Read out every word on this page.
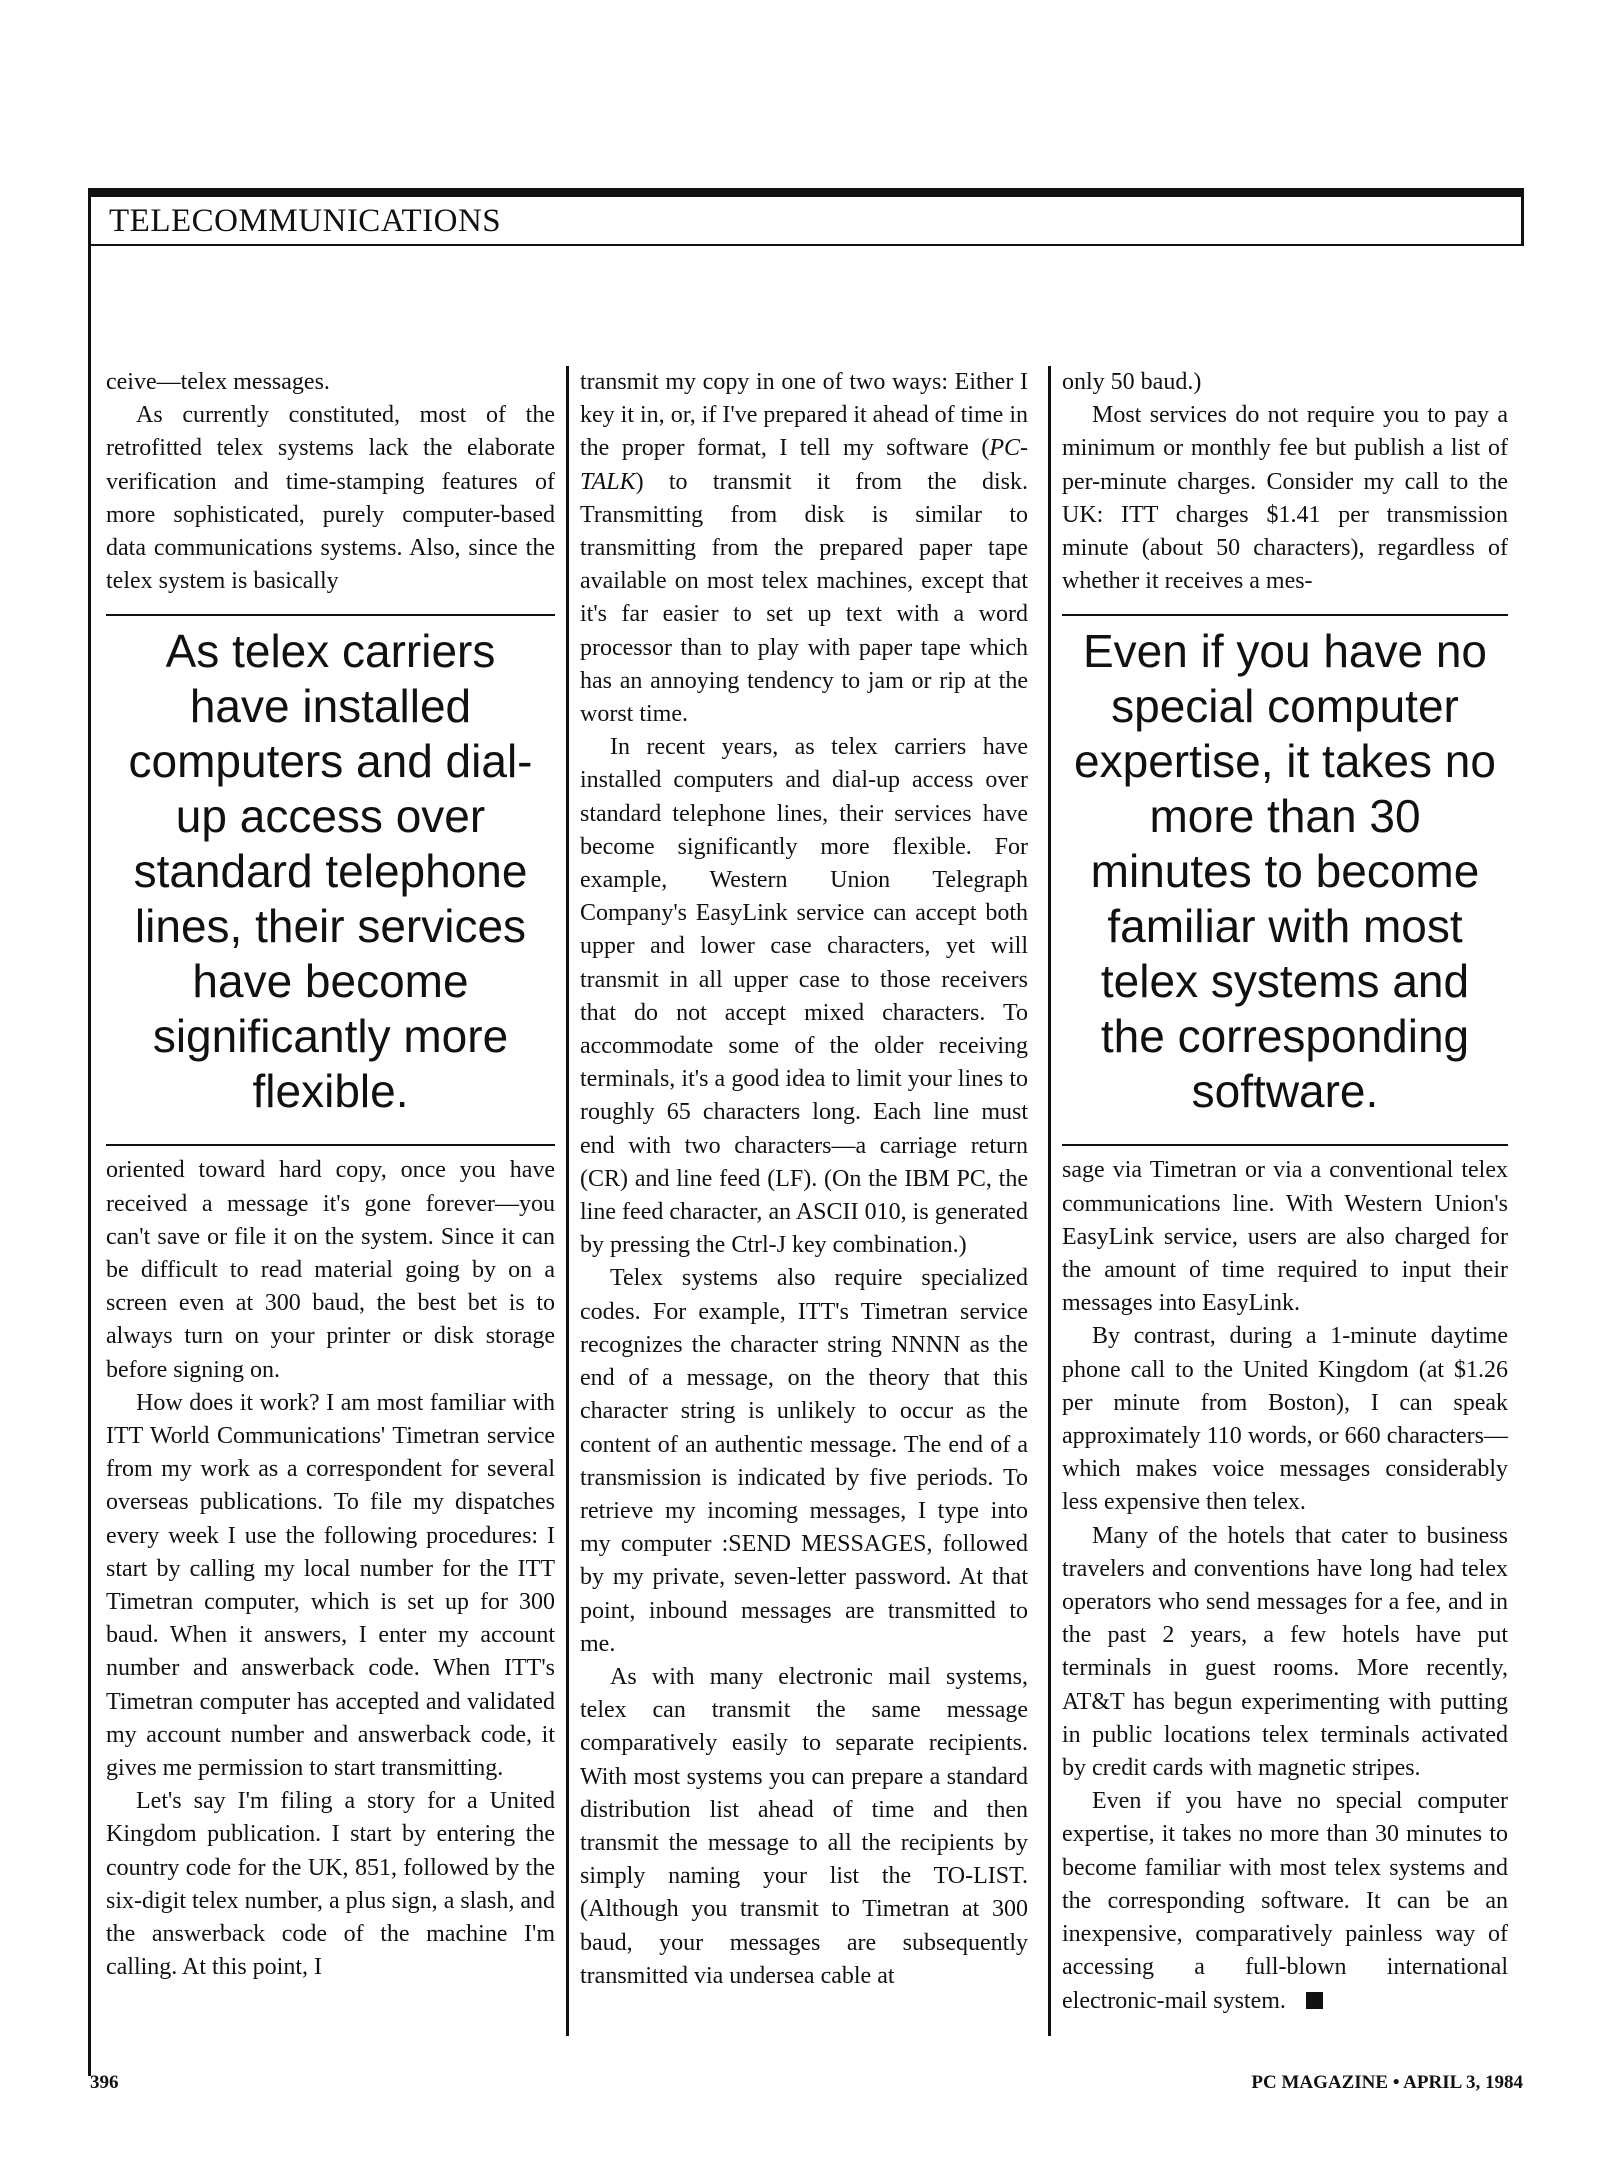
TELECOMMUNICATIONS

ceive—telex messages.

As currently constituted, most of the retrofitted telex systems lack the elaborate verification and time-stamping features of more sophisticated, purely computer-based data communications systems. Also, since the telex system is basically

As telex carriers have installed computers and dial-up access over standard telephone lines, their services have become significantly more flexible.

oriented toward hard copy, once you have received a message it's gone forever—you can't save or file it on the system. Since it can be difficult to read material going by on a screen even at 300 baud, the best bet is to always turn on your printer or disk storage before signing on.

How does it work? I am most familiar with ITT World Communications' Timetran service from my work as a correspondent for several overseas publications. To file my dispatches every week I use the following procedures: I start by calling my local number for the ITT Timetran computer, which is set up for 300 baud. When it answers, I enter my account number and answerback code. When ITT's Timetran computer has accepted and validated my account number and answerback code, it gives me permission to start transmitting.

Let's say I'm filing a story for a United Kingdom publication. I start by entering the country code for the UK, 851, followed by the six-digit telex number, a plus sign, a slash, and the answerback code of the machine I'm calling. At this point, I

transmit my copy in one of two ways: Either I key it in, or, if I've prepared it ahead of time in the proper format, I tell my software (PC-TALK) to transmit it from the disk. Transmitting from disk is similar to transmitting from the prepared paper tape available on most telex machines, except that it's far easier to set up text with a word processor than to play with paper tape which has an annoying tendency to jam or rip at the worst time.

In recent years, as telex carriers have installed computers and dial-up access over standard telephone lines, their services have become significantly more flexible. For example, Western Union Telegraph Company's EasyLink service can accept both upper and lower case characters, yet will transmit in all upper case to those receivers that do not accept mixed characters. To accommodate some of the older receiving terminals, it's a good idea to limit your lines to roughly 65 characters long. Each line must end with two characters—a carriage return (CR) and line feed (LF). (On the IBM PC, the line feed character, an ASCII 010, is generated by pressing the Ctrl-J key combination.)

Telex systems also require specialized codes. For example, ITT's Timetran service recognizes the character string NNNN as the end of a message, on the theory that this character string is unlikely to occur as the content of an authentic message. The end of a transmission is indicated by five periods. To retrieve my incoming messages, I type into my computer :SEND MESSAGES, followed by my private, seven-letter password. At that point, inbound messages are transmitted to me.

As with many electronic mail systems, telex can transmit the same message comparatively easily to separate recipients. With most systems you can prepare a standard distribution list ahead of time and then transmit the message to all the recipients by simply naming your list the TO-LIST. (Although you transmit to Timetran at 300 baud, your messages are subsequently transmitted via undersea cable at

only 50 baud.)

Most services do not require you to pay a minimum or monthly fee but publish a list of per-minute charges. Consider my call to the UK: ITT charges $1.41 per transmission minute (about 50 characters), regardless of whether it receives a mes-

Even if you have no special computer expertise, it takes no more than 30 minutes to become familiar with most telex systems and the corresponding software.

sage via Timetran or via a conventional telex communications line. With Western Union's EasyLink service, users are also charged for the amount of time required to input their messages into EasyLink.

By contrast, during a 1-minute daytime phone call to the United Kingdom (at $1.26 per minute from Boston), I can speak approximately 110 words, or 660 characters—which makes voice messages considerably less expensive then telex.

Many of the hotels that cater to business travelers and conventions have long had telex operators who send messages for a fee, and in the past 2 years, a few hotels have put terminals in guest rooms. More recently, AT&T has begun experimenting with putting in public locations telex terminals activated by credit cards with magnetic stripes.

Even if you have no special computer expertise, it takes no more than 30 minutes to become familiar with most telex systems and the corresponding software. It can be an inexpensive, comparatively painless way of accessing a full-blown international electronic-mail system.

396	PC MAGAZINE • APRIL 3, 1984
